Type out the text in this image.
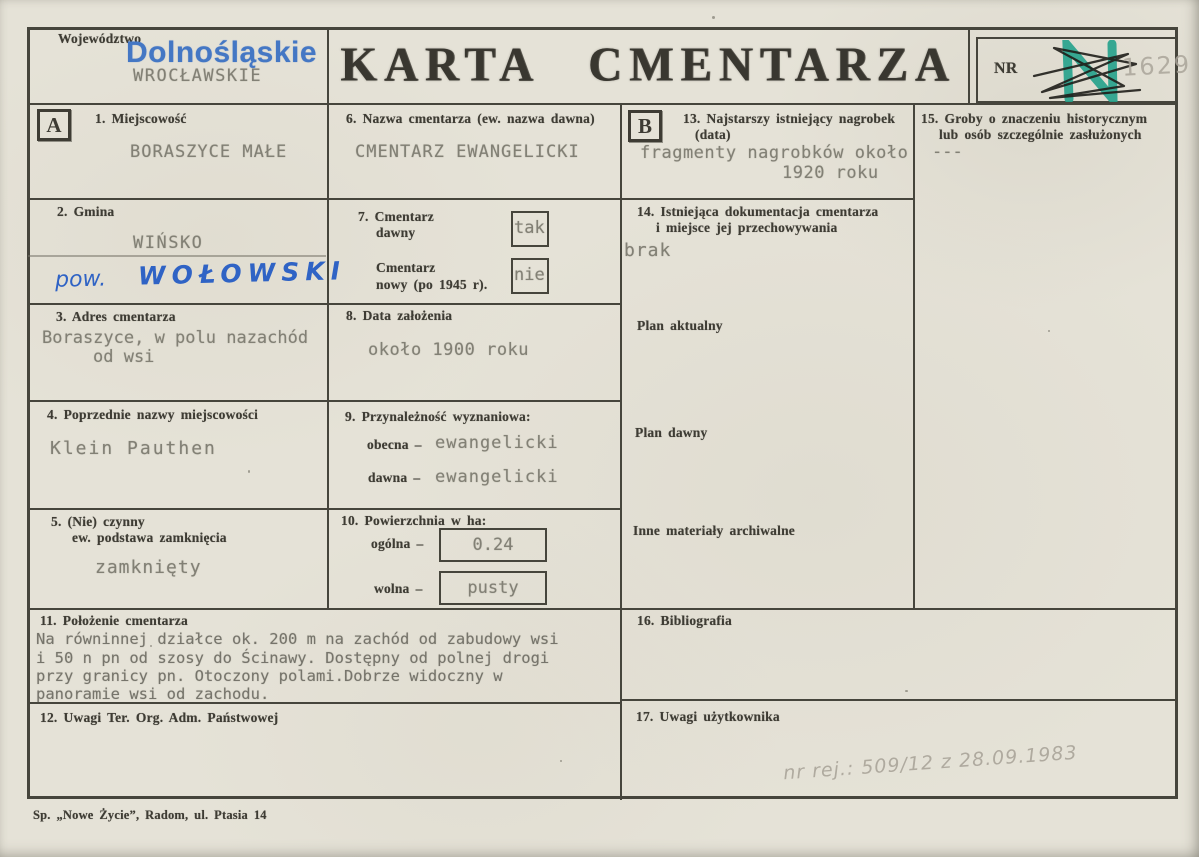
Województwo
Dolnośląskie
WROCŁAWSKIE KARTA CMENTARZA	NR	1629
A	1. Miejscowość
BORASZYCE MAŁE
2. Gmina
WIŃSKO
pow. WOŁOWSKI
3. Adres cmentarza
Boraszyce, w polu nazachód
od wsi
4. Poprzednie nazwy miejscowości
Klein Pauthen
5. (Nie) czynny
ew. podstawa zamknięcia
zamknięty
6. Nazwa cmentarza (ew. nazwa dawna)
CMENTARZ EWANGELICKI
7. Cmentarz
dawny	tak
Cmentarz
nowy (po 1945 r). nie
8. Data założenia
około 1900 roku
9. Przynależność wyznaniowa:
obecna – ewangelicki
dawna – ewangelicki
10. Powierzchnia w ha:
ogólna –	0.24
wolna –	pusty
B	13. Najstarszy istniejący nagrobek
(data)
fragmenty nagrobków około
1920 roku
14. Istniejąca dokumentacja cmentarza
i miejsce jej przechowywania
brak
Plan aktualny
Plan dawny
Inne materiały archiwalne
15. Groby o znaczeniu historycznym
lub osób szczególnie zasłużonych
---
11. Położenie cmentarza
Na równinnej działce ok. 200 m na zachód od zabudowy wsi
i 50 n pn od szosy do Ścinawy. Dostępny od polnej drogi
przy granicy pn. Otoczony polami.Dobrze widoczny w
panoramie wsi od zachodu.
12. Uwagi Ter. Org. Adm. Państwowej
16. Bibliografia
17. Uwagi użytkownika
nr rej.: 509/12 z 28.09.1983
Sp. „Nowe Życie”, Radom, ul. Ptasia 14
